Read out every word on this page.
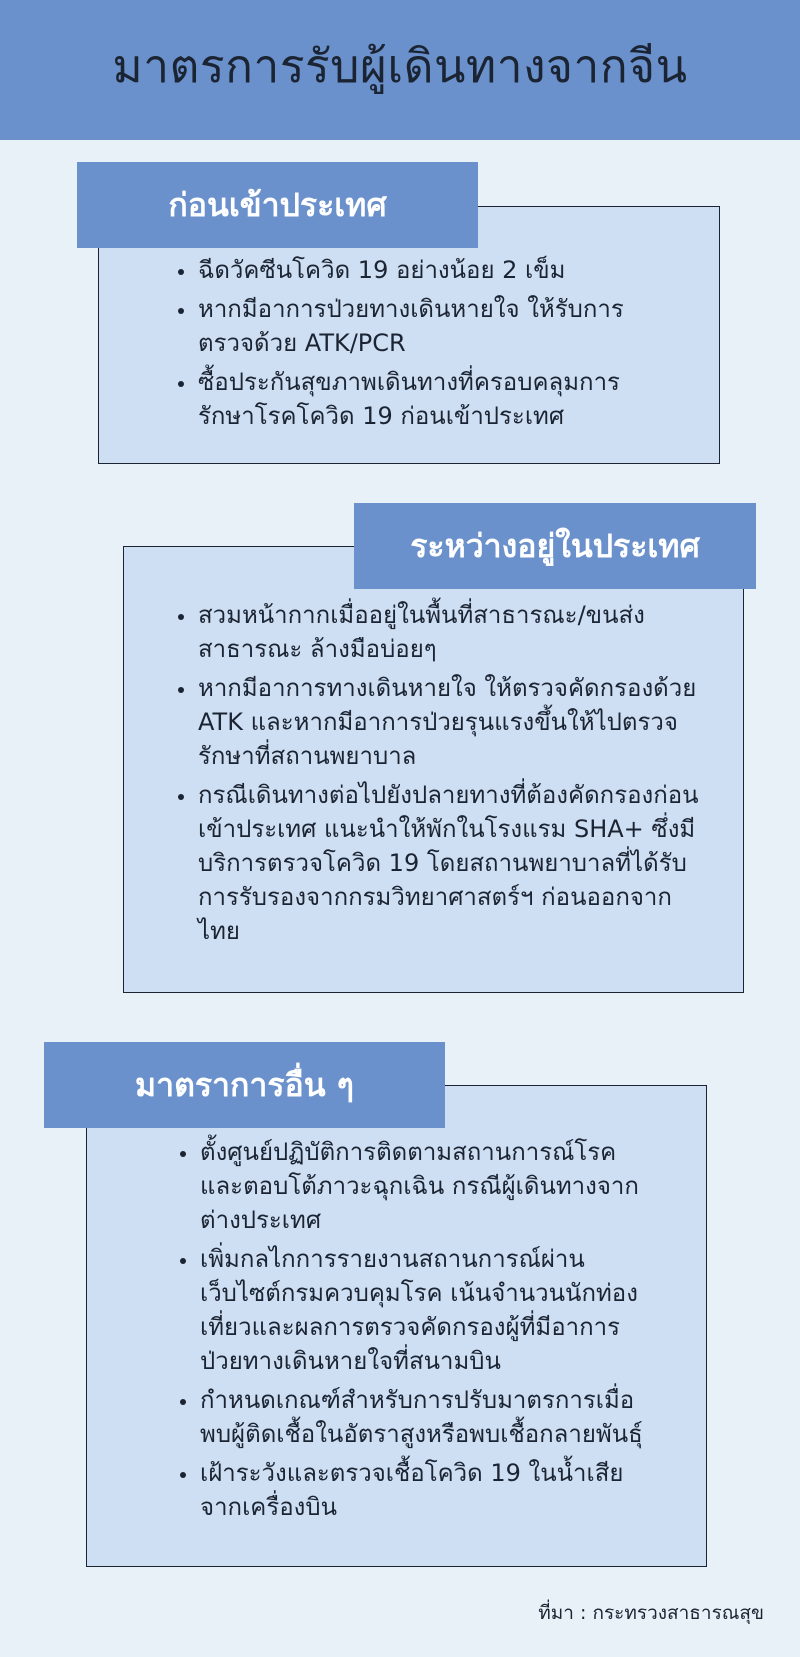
มาตรการรับผู้เดินทางจากจีน
ก่อนเข้าประเทศ
ฉีดวัคซีนโควิด 19 อย่างน้อย 2 เข็ม
หากมีอาการป่วยทางเดินหายใจ ให้รับการตรวจด้วย ATK/PCR
ซื้อประกันสุขภาพเดินทางที่ครอบคลุมการรักษาโรคโควิด 19 ก่อนเข้าประเทศ
ระหว่างอยู่ในประเทศ
สวมหน้ากากเมื่ออยู่ในพื้นที่สาธารณะ/ขนส่งสาธารณะ ล้างมือบ่อยๆ
หากมีอาการทางเดินหายใจ ให้ตรวจคัดกรองด้วย ATK และหากมีอาการป่วยรุนแรงขึ้นให้ไปตรวจรักษาที่สถานพยาบาล
กรณีเดินทางต่อไปยังปลายทางที่ต้องคัดกรองก่อนเข้าประเทศ แนะนำให้พักในโรงแรม SHA+ ซึ่งมีบริการตรวจโควิด 19 โดยสถานพยาบาลที่ได้รับการรับรองจากกรมวิทยาศาสตร์ฯ ก่อนออกจากไทย
มาตราการอื่น ๆ
ตั้งศูนย์ปฏิบัติการติดตามสถานการณ์โรคและตอบโต้ภาวะฉุกเฉิน กรณีผู้เดินทางจากต่างประเทศ
เพิ่มกลไกการรายงานสถานการณ์ผ่านเว็บไซต์กรมควบคุมโรค เน้นจำนวนนักท่องเที่ยวและผลการตรวจคัดกรองผู้ที่มีอาการป่วยทางเดินหายใจที่สนามบิน
กำหนดเกณฑ์สำหรับการปรับมาตรการเมื่อพบผู้ติดเชื้อในอัตราสูงหรือพบเชื้อกลายพันธุ์
เฝ้าระวังและตรวจเชื้อโควิด 19 ในน้ำเสียจากเครื่องบิน
ที่มา : กระทรวงสาธารณสุข
